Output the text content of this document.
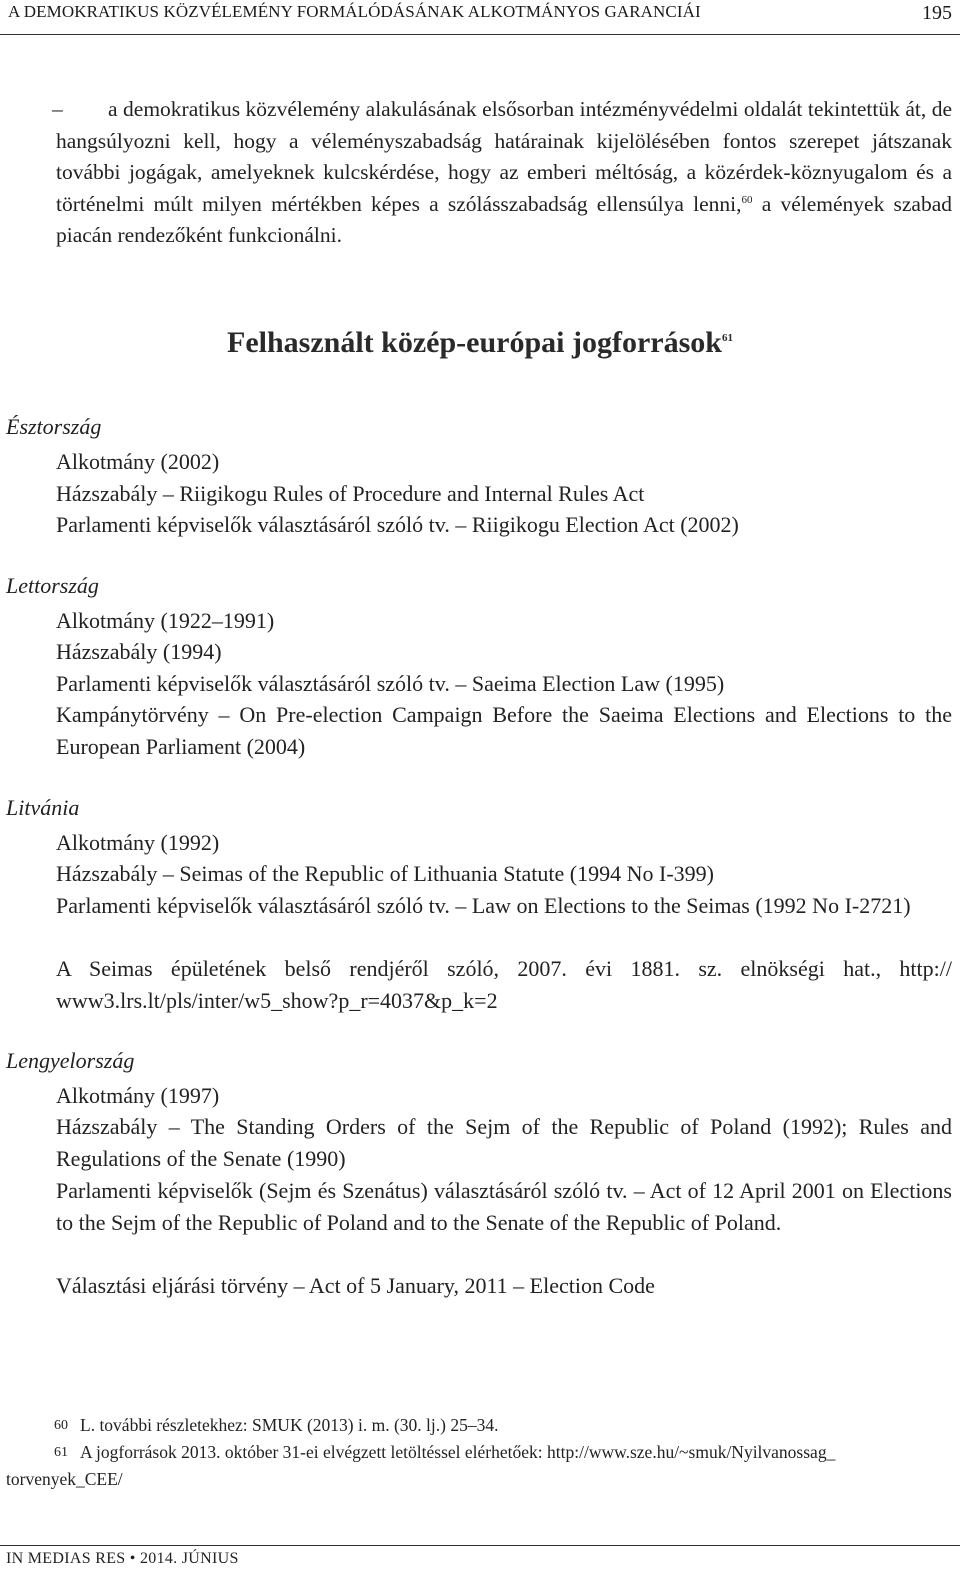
A DEMOKRATIKUS KÖZVÉLEMÉNY FORMÁLÓDÁSÁNAK ALKOTMÁNYOS GARANCIÁI	195
–	a demokratikus közvélemény alakulásának elsősorban intézményvédelmi oldalát tekintettük át, de hangsúlyozni kell, hogy a véleményszabadság határainak kijelölésében fontos szerepet játszanak további jogágak, amelyeknek kulcskérdése, hogy az emberi méltóság, a közérdek-köznyugalom és a történelmi múlt milyen mértékben képes a szólásszabadság ellensúlya lenni,$^{60}$ a vélemények szabad piacán rendezőként funkcionálni.
Felhasznált közép-európai jogforrások$^{61}$
Észtország
Alkotmány (2002)
Házszabály – Riigikogu Rules of Procedure and Internal Rules Act
Parlamenti képviselők választásáról szóló tv. – Riigikogu Election Act (2002)
Lettország
Alkotmány (1922–1991)
Házszabály (1994)
Parlamenti képviselők választásáról szóló tv. – Saeima Election Law (1995)
Kampánytörvény – On Pre-election Campaign Before the Saeima Elections and Elections to the European Parliament (2004)
Litvánia
Alkotmány (1992)
Házszabály – Seimas of the Republic of Lithuania Statute (1994 No I-399)
Parlamenti képviselők választásáról szóló tv. – Law on Elections to the Seimas (1992 No I-2721)
A Seimas épületének belső rendjéről szóló, 2007. évi 1881. sz. elnökségi hat., http:// www3.lrs.lt/pls/inter/w5_show?p_r=4037&p_k=2
Lengyelország
Alkotmány (1997)
Házszabály – The Standing Orders of the Sejm of the Republic of Poland (1992); Rules and Regulations of the Senate (1990)
Parlamenti képviselők (Sejm és Szenátus) választásáról szóló tv. – Act of 12 April 2001 on Elections to the Sejm of the Republic of Poland and to the Senate of the Republic of Poland.
Választási eljárási törvény – Act of 5 January, 2011 – Election Code
60 L. további részletekhez: SMUK (2013) i. m. (30. lj.) 25–34.
61 A jogforrások 2013. október 31-ei elvégzett letöltéssel elérhetőek: http://www.sze.hu/~smuk/Nyilvanossag_
torvenyek_CEE/
IN MEDIAS RES • 2014. JÚNIUS
